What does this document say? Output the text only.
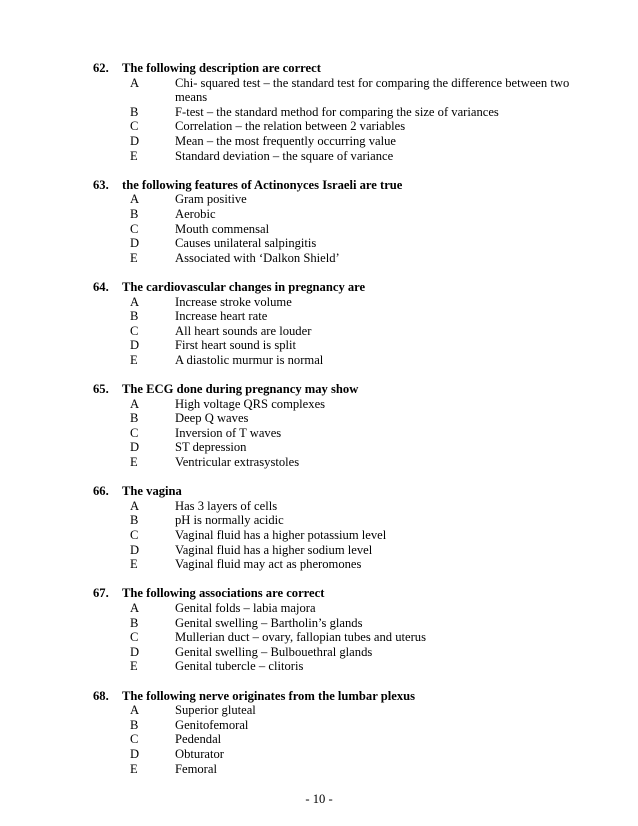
62.	The following description are correct
A	Chi- squared test – the standard test for comparing the difference between two means
B	F-test – the standard method for comparing the size of variances
C	Correlation – the relation between 2 variables
D	Mean – the most frequently occurring value
E	Standard deviation – the square of variance
63.	the following features of Actinonyces Israeli are true
A	Gram positive
B	Aerobic
C	Mouth commensal
D	Causes unilateral salpingitis
E	Associated with ‘Dalkon Shield’
64.	The cardiovascular changes in pregnancy are
A	Increase stroke volume
B	Increase heart rate
C	All heart sounds are louder
D	First heart sound is split
E	A diastolic murmur is normal
65.	The ECG done during pregnancy may show
A	High voltage QRS complexes
B	Deep Q waves
C	Inversion of T waves
D	ST depression
E	Ventricular extrasystoles
66.	The vagina
A	Has 3 layers of cells
B	pH is normally acidic
C	Vaginal fluid has a higher potassium level
D	Vaginal fluid has a higher sodium level
E	Vaginal fluid may act as pheromones
67.	The following associations are correct
A	Genital folds – labia majora
B	Genital swelling – Bartholin’s glands
C	Mullerian duct – ovary, fallopian tubes and uterus
D	Genital swelling – Bulbouethral glands
E	Genital tubercle – clitoris
68.	The following nerve originates from the lumbar plexus
A	Superior gluteal
B	Genitofemoral
C	Pedendal
D	Obturator
E	Femoral
- 10 -
